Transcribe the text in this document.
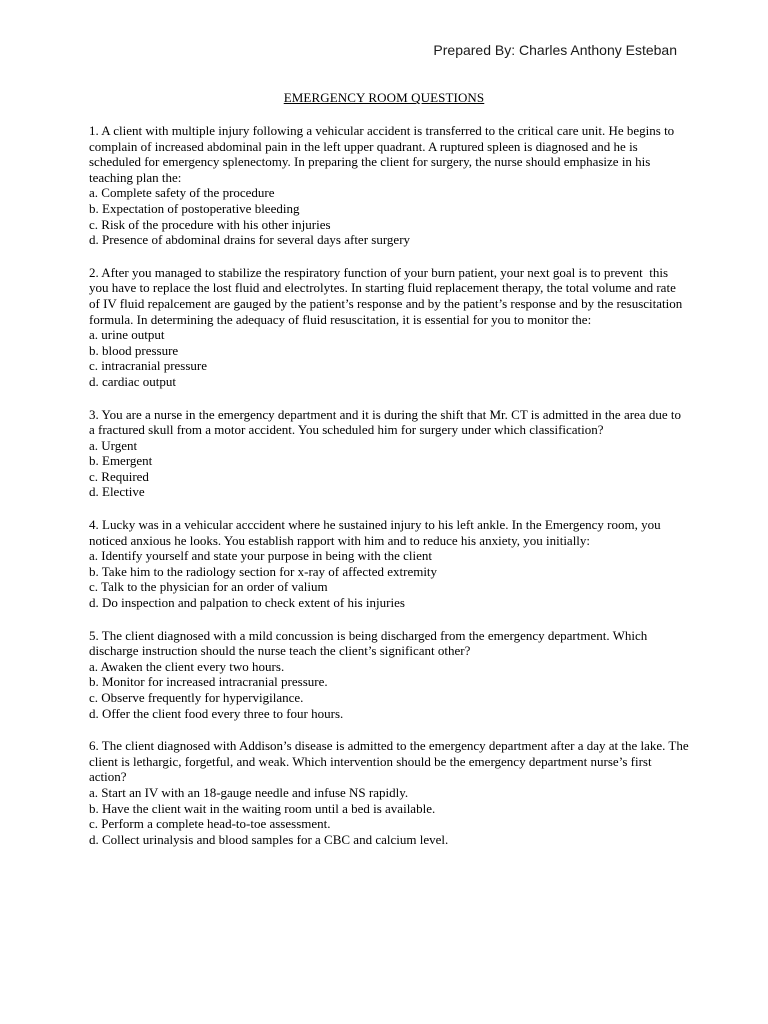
Prepared By: Charles Anthony Esteban
EMERGENCY ROOM QUESTIONS

1. A client with multiple injury following a vehicular accident is transferred to the critical care unit. He begins to complain of increased abdominal pain in the left upper quadrant. A ruptured spleen is diagnosed and he is scheduled for emergency splenectomy. In preparing the client for surgery, the nurse should emphasize in his teaching plan the:

a. Complete safety of the procedure
b. Expectation of postoperative bleeding
c. Risk of the procedure with his other injuries
d. Presence of abdominal drains for several days after surgery

2. After you managed to stabilize the respiratory function of your burn patient, your next goal is to prevent  this you have to replace the lost fluid and electrolytes. In starting fluid replacement therapy, the total volume and rate of IV fluid repalcement are gauged by the patient’s response and by the patient’s response and by the resuscitation formula. In determining the adequacy of fluid resuscitation, it is essential for you to monitor the:

a. urine output
b. blood pressure
c. intracranial pressure
d. cardiac output

3. You are a nurse in the emergency department and it is during the shift that Mr. CT is admitted in the area due to a fractured skull from a motor accident. You scheduled him for surgery under which classification?

a. Urgent
b. Emergent
c. Required
d. Elective

4. Lucky was in a vehicular acccident where he sustained injury to his left ankle. In the Emergency room, you noticed anxious he looks. You establish rapport with him and to reduce his anxiety, you initially:

a. Identify yourself and state your purpose in being with the client
b. Take him to the radiology section for x-ray of affected extremity
c. Talk to the physician for an order of valium
d. Do inspection and palpation to check extent of his injuries

5. The client diagnosed with a mild concussion is being discharged from the emergency department. Which discharge instruction should the nurse teach the client’s significant other?

a. Awaken the client every two hours.
b. Monitor for increased intracranial pressure.
c. Observe frequently for hypervigilance.
d. Offer the client food every three to four hours.

6. The client diagnosed with Addison’s disease is admitted to the emergency department after a day at the lake. The client is lethargic, forgetful, and weak. Which intervention should be the emergency department nurse’s first action?

a. Start an IV with an 18-gauge needle and infuse NS rapidly.
b. Have the client wait in the waiting room until a bed is available.
c. Perform a complete head-to-toe assessment.
d. Collect urinalysis and blood samples for a CBC and calcium level.
